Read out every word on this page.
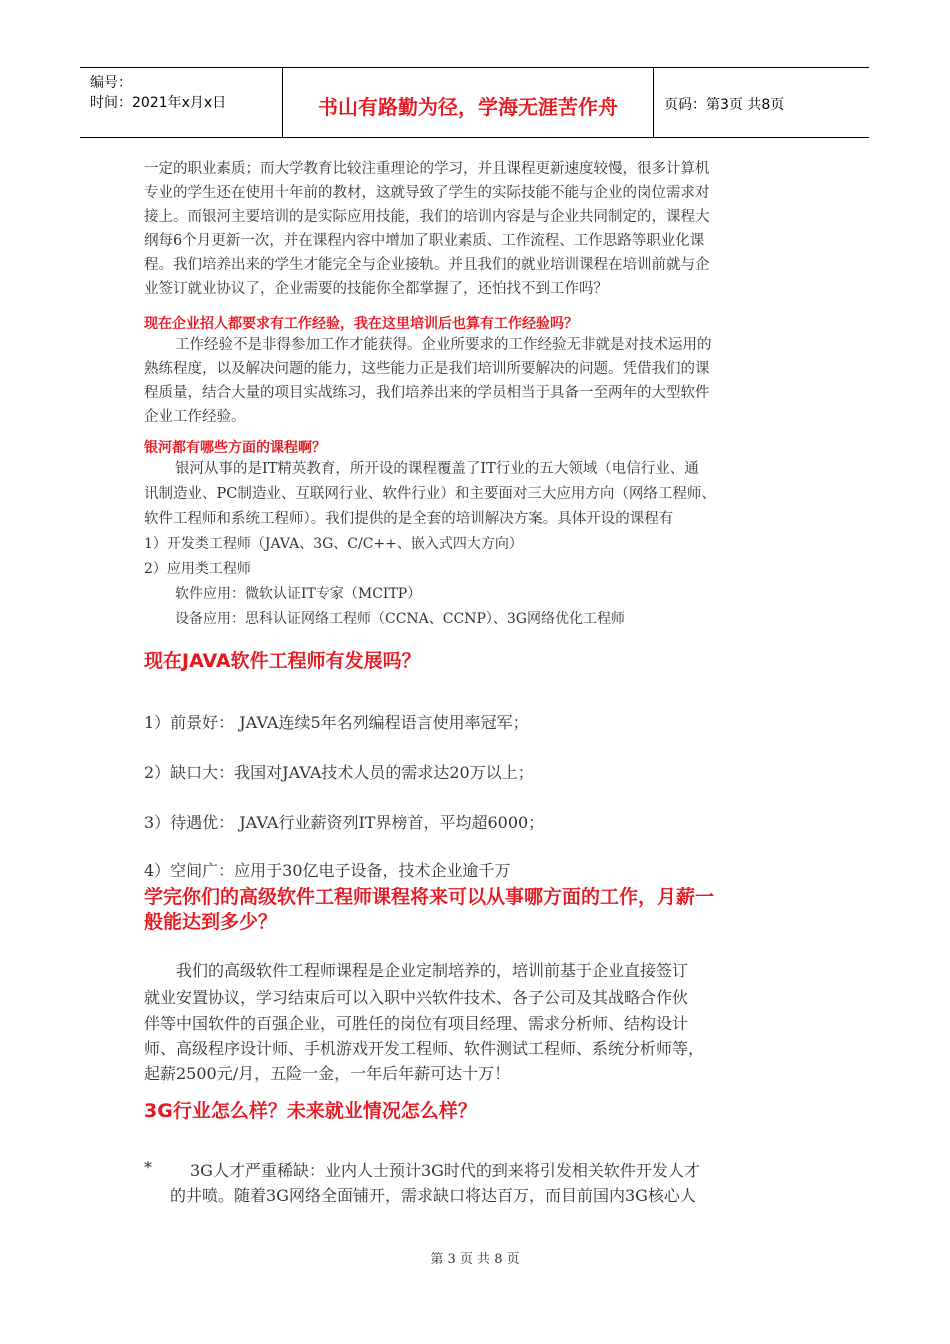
编号：
时间：2021年x月x日	书山有路勤为径，学海无涯苦作舟	页码：第3页 共8页
一定的职业素质；而大学教育比较注重理论的学习，并且课程更新速度较慢，很多计算机
专业的学生还在使用十年前的教材，这就导致了学生的实际技能不能与企业的岗位需求对
接上。而银河主要培训的是实际应用技能，我们的培训内容是与企业共同制定的，课程大
纲每6个月更新一次，并在课程内容中增加了职业素质、工作流程、工作思路等职业化课
程。我们培养出来的学生才能完全与企业接轨。并且我们的就业培训课程在培训前就与企
业签订就业协议了，企业需要的技能你全都掌握了，还怕找不到工作吗？
现在企业招人都要求有工作经验，我在这里培训后也算有工作经验吗？
工作经验不是非得参加工作才能获得。企业所要求的工作经验无非就是对技术运用的
熟练程度，以及解决问题的能力，这些能力正是我们培训所要解决的问题。凭借我们的课
程质量，结合大量的项目实战练习，我们培养出来的学员相当于具备一至两年的大型软件
企业工作经验。
银河都有哪些方面的课程啊？
银河从事的是IT精英教育，所开设的课程覆盖了IT行业的五大领域（电信行业、通
讯制造业、PC制造业、互联网行业、软件行业）和主要面对三大应用方向（网络工程师、
软件工程师和系统工程师）。我们提供的是全套的培训解决方案。具体开设的课程有
1）开发类工程师（JAVA、3G、C/C++、嵌入式四大方向）
2）应用类工程师
软件应用：微软认证IT专家（MCITP）
设备应用：思科认证网络工程师（CCNA、CCNP）、3G网络优化工程师
现在JAVA软件工程师有发展吗？
1）前景好： JAVA连续5年名列编程语言使用率冠军；
2）缺口大：我国对JAVA技术人员的需求达20万以上；
3）待遇优： JAVA行业薪资列IT界榜首，平均超6000；
4）空间广：应用于30亿电子设备，技术企业逾千万
学完你们的高级软件工程师课程将来可以从事哪方面的工作，月薪一
般能达到多少？
我们的高级软件工程师课程是企业定制培养的，培训前基于企业直接签订
就业安置协议，学习结束后可以入职中兴软件技术、各子公司及其战略合作伙
伴等中国软件的百强企业，可胜任的岗位有项目经理、需求分析师、结构设计
师、高级程序设计师、手机游戏开发工程师、软件测试工程师、系统分析师等，
起薪2500元/月，五险一金，一年后年薪可达十万！
3G行业怎么样？未来就业情况怎么样？
* 3G人才严重稀缺：业内人士预计3G时代的到来将引发相关软件开发人才
的井喷。随着3G网络全面铺开，需求缺口将达百万，而目前国内3G核心人
第 3 页 共 8 页
